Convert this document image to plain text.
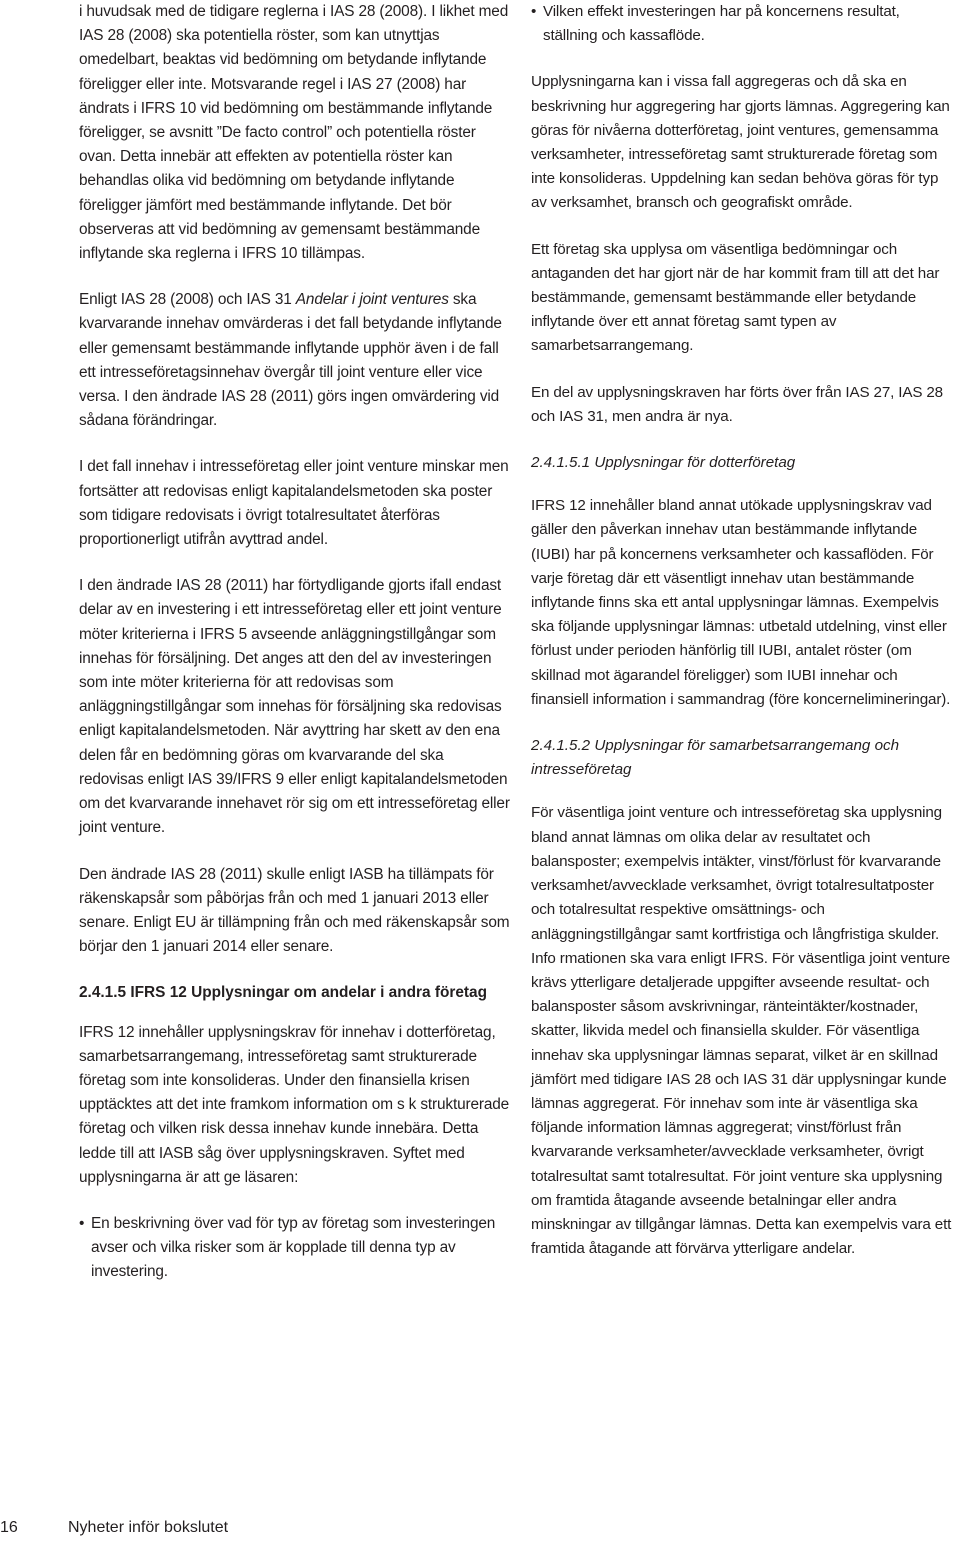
i huvudsak med de tidigare reglerna i IAS 28 (2008). I likhet med IAS 28 (2008) ska potentiella röster, som kan utnyttjas omedelbart, beaktas vid bedömning om betydande inflytande föreligger eller inte. Motsvarande regel i IAS 27 (2008) har ändrats i IFRS 10 vid bedömning om bestämmande inflytande föreligger, se avsnitt ”De facto control” och potentiella röster ovan. Detta innebär att effekten av potentiella röster kan behandlas olika vid bedömning om betydande inflytande föreligger jämfört med bestämmande inflytande. Det bör observeras att vid bedömning av gemensamt bestämmande inflytande ska reglerna i IFRS 10 tillämpas.

Enligt IAS 28 (2008) och IAS 31 Andelar i joint ventures ska kvarvarande innehav omvärderas i det fall betydande inflytande eller gemensamt bestämmande inflytande upphör även i de fall ett intresseföretagsinnehav övergår till joint venture eller vice versa. I den ändrade IAS 28 (2011) görs ingen omvärdering vid sådana förändringar.

I det fall innehav i intresseföretag eller joint venture minskar men fortsätter att redovisas enligt kapitalandelsmetoden ska poster som tidigare redovisats i övrigt totalresultatet återföras proportionerligt utifrån avyttrad andel.

I den ändrade IAS 28 (2011) har förtydligande gjorts ifall endast delar av en investering i ett intresseföretag eller ett joint venture möter kriterierna i IFRS 5 avseende anläggningstillgångar som innehas för försäljning. Det anges att den del av investeringen som inte möter kriterierna för att redovisas som anläggningstillgångar som innehas för försäljning ska redovisas enligt kapitalandelsmetoden. När avyttring har skett av den ena delen får en bedömning göras om kvarvarande del ska redovisas enligt IAS 39/IFRS 9 eller enligt kapitalandelsmetoden om det kvarvarande innehavet rör sig om ett intresseföretag eller joint venture.

Den ändrade IAS 28 (2011) skulle enligt IASB ha tillämpats för räkenskapsår som påbörjas från och med 1 januari 2013 eller senare. Enligt EU är tillämpning från och med räkenskapsår som börjar den 1 januari 2014 eller senare.

2.4.1.5 IFRS 12 Upplysningar om andelar i andra företag

IFRS 12 innehåller upplysningskrav för innehav i dotterföretag, samarbetsarrangemang, intresseföretag samt strukturerade företag som inte konsolideras. Under den finansiella krisen upptäcktes att det inte framkom information om s k strukturerade företag och vilken risk dessa innehav kunde innebära. Detta ledde till att IASB såg över upplysningskraven. Syftet med upplysningarna är att ge läsaren:

• En beskrivning över vad för typ av företag som investeringen avser och vilka risker som är kopplade till denna typ av investering.

• Vilken effekt investeringen har på koncernens resultat, ställning och kassaflöde.

Upplysningarna kan i vissa fall aggregeras och då ska en beskrivning hur aggregering har gjorts lämnas. Aggregering kan göras för nivåerna dotterföretag, joint ventures, gemensamma verksamheter, intresseföretag samt strukturerade företag som inte konsolideras. Uppdelning kan sedan behöva göras för typ av verksamhet, bransch och geografiskt område.

Ett företag ska upplysa om väsentliga bedömningar och antaganden det har gjort när de har kommit fram till att det har bestämmande, gemensamt bestämmande eller betydande inflytande över ett annat företag samt typen av samarbetsarrangemang.

En del av upplysningskraven har förts över från IAS 27, IAS 28 och IAS 31, men andra är nya.

2.4.1.5.1 Upplysningar för dotterföretag

IFRS 12 innehåller bland annat utökade upplysningskrav vad gäller den påverkan innehav utan bestämmande inflytande (IUBI) har på koncernens verksamheter och kassaflöden. För varje företag där ett väsentligt innehav utan bestämmande inflytande finns ska ett antal upplysningar lämnas. Exempelvis ska följande upplysningar lämnas: utbetald utdelning, vinst eller förlust under perioden hänförlig till IUBI, antalet röster (om skillnad mot ägarandel föreligger) som IUBI innehar och finansiell information i sammandrag (före koncernelimineringar).

2.4.1.5.2 Upplysningar för samarbetsarrangemang och intresseföretag

För väsentliga joint venture och intresseföretag ska upplysning bland annat lämnas om olika delar av resultatet och balansposter; exempelvis intäkter, vinst/förlust för kvarvarande verksamhet/avvecklade verksamhet, övrigt totalresultatposter och totalresultat respektive omsättnings- och anläggningstillgångar samt kortfristiga och långfristiga skulder. Info rmationen ska vara enligt IFRS. För väsentliga joint venture krävs ytterligare detaljerade uppgifter avseende resultat- och balansposter såsom avskrivningar, ränteintäkter/kostnader, skatter, likvida medel och finansiella skulder. För väsentliga innehav ska upplysningar lämnas separat, vilket är en skillnad jämfört med tidigare IAS 28 och IAS 31 där upplysningar kunde lämnas aggregerat. För innehav som inte är väsentliga ska följande information lämnas aggregerat; vinst/förlust från kvarvarande verksamheter/avvecklade verksamheter, övrigt totalresultat samt totalresultat. För joint venture ska upplysning om framtida åtagande avseende betalningar eller andra minskningar av tillgångar lämnas. Detta kan exempelvis vara ett framtida åtagande att förvärva ytterligare andelar.

16	Nyheter inför bokslutet
